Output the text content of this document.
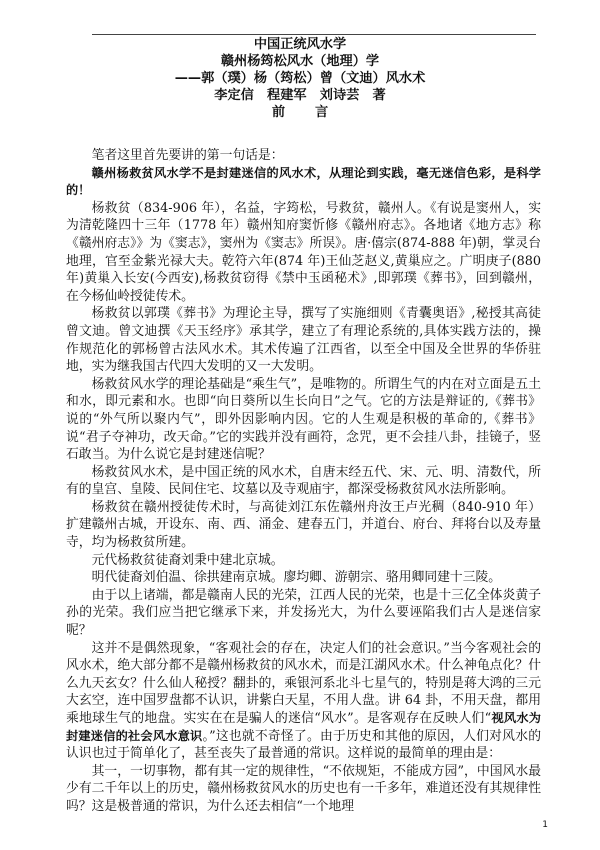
中国正统风水学

赣州杨筠松风水（地理）学

——郭（璞）杨（筠松）曾（文迪）风水术

李定信　程建军　刘诗芸　著

前言

笔者这里首先要讲的第一句话是：

赣州杨救贫风水学不是封建迷信的风水术，从理论到实践，毫无迷信色彩，是科学的！

杨救贫（834-906 年），名益，字筠松，号救贫，赣州人。《有说是窦州人，实为清乾隆四十三年（1778 年）赣州知府窦忻修《赣州府志》。各地诸《地方志》称《赣州府志》》为《窦志》，窦州为《窦志》所误》。唐·僖宗(874-888 年)朝，掌灵台地理，官至金紫光禄大夫。乾符六年(874 年)王仙芝赵义,黄巢应之。广明庚子(880 年)黄巢入长安(今西安),杨救贫窃得《禁中玉函秘术》,即郭璞《葬书》，回到赣州，在今杨仙岭授徒传术。

杨救贫以郭璞《葬书》为理论主导，撰写了实施细则《青囊奥语》,秘授其高徒曾文迪。曾文迪撰《天玉经序》承其学，建立了有理论系统的,具体实践方法的，操作规范化的郭杨曾古法风水术。其术传遍了江西省，以至全中国及全世界的华侨驻地，实为继我国古代四大发明的又一大发明。

杨救贫风水学的理论基础是“乘生气”，是唯物的。所谓生气的内在对立面是五土和水，即元素和水。也即“向日葵所以生长向日”之气。它的方法是辩证的,《葬书》说的“外气所以聚内气”，即外因影响内因。它的人生观是积极的革命的,《葬书》说“君子夺神功，改天命。”它的实践并没有画符，念咒，更不会挂八卦，挂镜子，竖石敢当。为什么说它是封建迷信呢？

杨救贫风水术，是中国正统的风水术，自唐末经五代、宋、元、明、清数代，所有的皇宫、皇陵、民间住宅、坟墓以及寺观庙宇，都深受杨救贫风水法所影响。

杨救贫在赣州授徒传术时，与高徒刘江东佐赣州舟汝王卢光稠（840-910 年）扩建赣州古城，开设东、南、西、涌金、建春五门，并道台、府台、拜将台以及寿量寺，均为杨救贫所建。

元代杨救贫徒裔刘秉中建北京城。

明代徒裔刘伯温、徐拱建南京城。廖均卿、游朝宗、骆用卿同建十三陵。

由于以上诸端，都是赣南人民的光荣，江西人民的光荣，也是十三亿全体炎黄子孙的光荣。我们应当把它继承下来，并发扬光大，为什么要诬陷我们古人是迷信家呢？

这并不是偶然现象，“客观社会的存在，决定人们的社会意识。”当今客观社会的风水术，绝大部分都不是赣州杨救贫的风水术，而是江湖风水术。什么神龟点化？什么九天玄女？什么仙人秘授？翻卦的，乘银河系北斗七星气的，特别是蒋大鸿的三元大玄空，连中国罗盘都不认识，讲紫白天星，不用人盘。讲 64 卦，不用天盘，都用乘地球生气的地盘。实实在在是骗人的迷信“风水”。是客观存在反映人们“视风水为封建迷信的社会风水意识。”这也就不奇怪了。由于历史和其他的原因，人们对风水的认识也过于简单化了，甚至丧失了最普通的常识。这样说的最简单的理由是：

其一，一切事物，都有其一定的规律性，“不依规矩，不能成方园”，中国风水最少有二千年以上的历史，赣州杨救贫风水的历史也有一千多年，难道还没有其规律性吗？这是极普通的常识，为什么还去相信“一个地理

1
